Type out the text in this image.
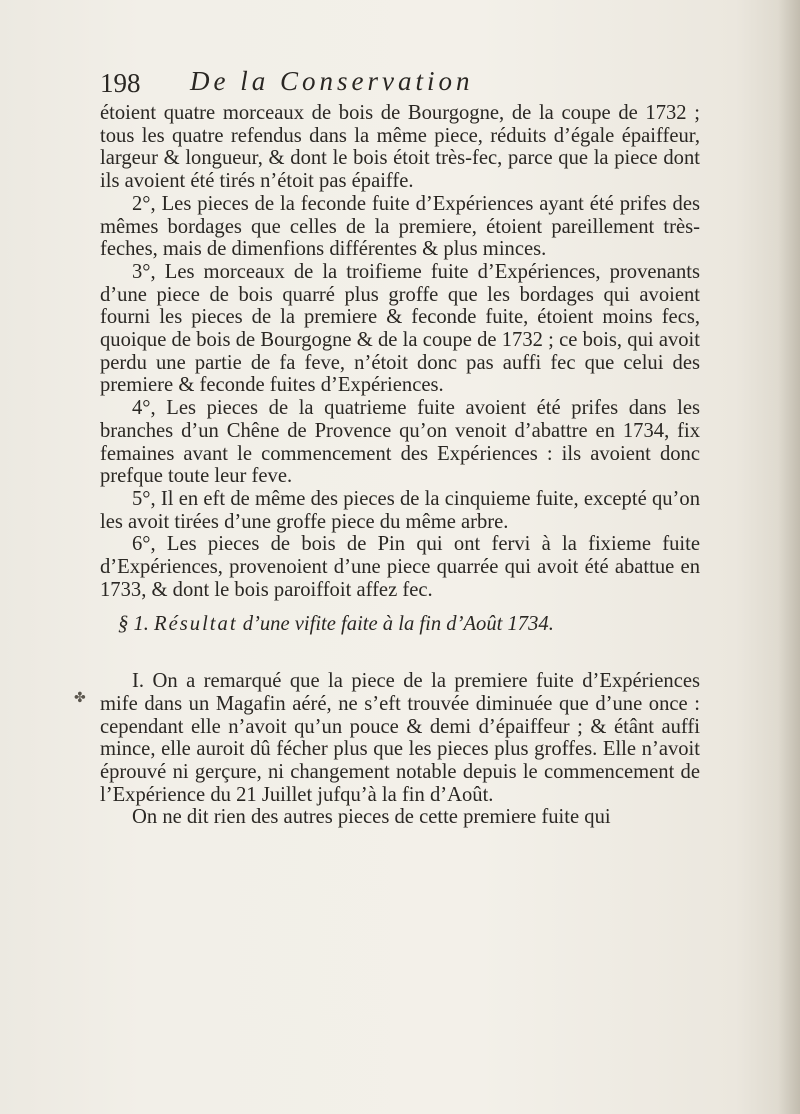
198 De la Conservation
✤

étoient quatre morceaux de bois de Bourgogne, de la coupe de 1732 ; tous les quatre refendus dans la même piece, réduits d’égale épaiffeur, largeur & longueur, & dont le bois étoit très-fec, parce que la piece dont ils avoient été tirés n’étoit pas épaiffe.

2°, Les pieces de la feconde fuite d’Expériences ayant été prifes des mêmes bordages que celles de la premiere, étoient pareillement très-feches, mais de dimenfions différentes & plus minces.

3°, Les morceaux de la troifieme fuite d’Expériences, provenants d’une piece de bois quarré plus groffe que les bordages qui avoient fourni les pieces de la premiere & feconde fuite, étoient moins fecs, quoique de bois de Bourgogne & de la coupe de 1732 ; ce bois, qui avoit perdu une partie de fa feve, n’étoit donc pas auffi fec que celui des premiere & feconde fuites d’Expériences.

4°, Les pieces de la quatrieme fuite avoient été prifes dans les branches d’un Chêne de Provence qu’on venoit d’abattre en 1734, fix femaines avant le commencement des Expériences : ils avoient donc prefque toute leur feve.

5°, Il en eft de même des pieces de la cinquieme fuite, excepté qu’on les avoit tirées d’une groffe piece du même arbre.

6°, Les pieces de bois de Pin qui ont fervi à la fixieme fuite d’Expériences, provenoient d’une piece quarrée qui avoit été abattue en 1733, & dont le bois paroiffoit affez fec.

§ 1. Résultat d’une vifite faite à la fin d’Août 1734.

I. On a remarqué que la piece de la premiere fuite d’Expériences mife dans un Magafin aéré, ne s’eft trouvée diminuée que d’une once : cependant elle n’avoit qu’un pouce & demi d’épaiffeur ; & étânt auffi mince, elle auroit dû fécher plus que les pieces plus groffes. Elle n’avoit éprouvé ni gerçure, ni changement notable depuis le commencement de l’Expérience du 21 Juillet jufqu’à la fin d’Août.

On ne dit rien des autres pieces de cette premiere fuite qui
